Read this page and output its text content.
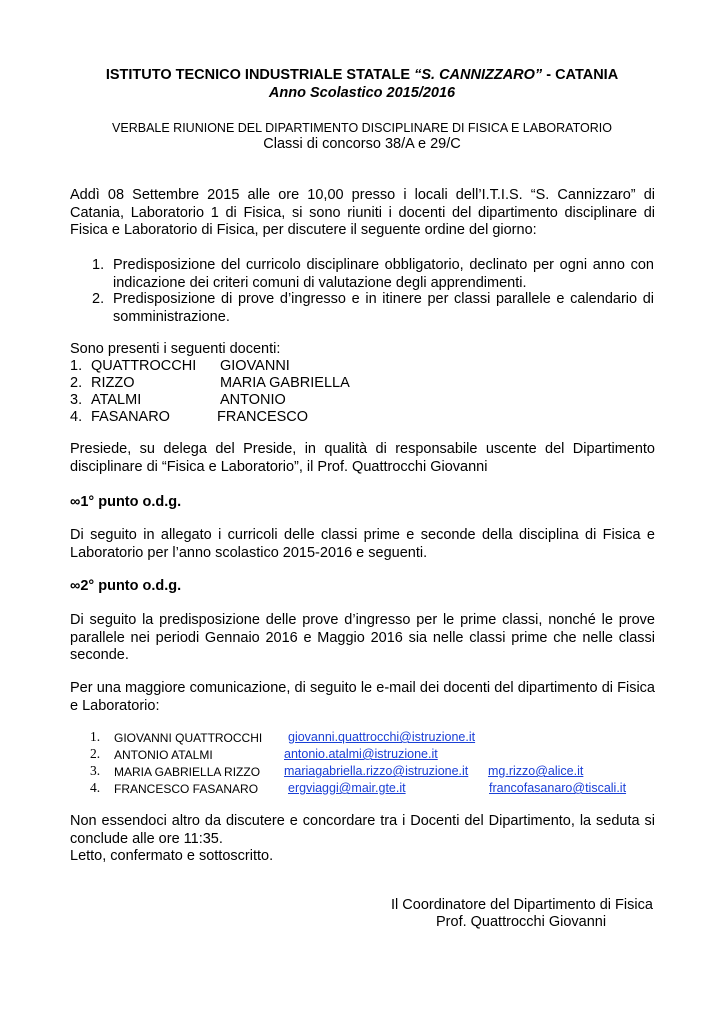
ISTITUTO TECNICO INDUSTRIALE STATALE “S. CANNIZZARO” - CATANIA
Anno Scolastico 2015/2016
VERBALE RIUNIONE DEL DIPARTIMENTO DISCIPLINARE DI FISICA E LABORATORIO
Classi di concorso 38/A e 29/C
Addì 08 Settembre 2015 alle ore 10,00 presso i locali dell’I.T.I.S. “S. Cannizzaro” di Catania, Laboratorio 1 di Fisica, si sono riuniti i docenti del dipartimento disciplinare di Fisica e Laboratorio di Fisica, per discutere il seguente ordine del giorno:
1. Predisposizione del curricolo disciplinare obbligatorio, declinato per ogni anno con indicazione dei criteri comuni di valutazione degli apprendimenti.
2. Predisposizione di prove d’ingresso e in itinere per classi parallele e calendario di somministrazione.
Sono presenti i seguenti docenti:
1. QUATTROCCHI GIOVANNI
2. RIZZO	MARIA GABRIELLA
3. ATALMI	ANTONIO
4. FASANARO	FRANCESCO
Presiede, su delega del Preside, in qualità di responsabile uscente del Dipartimento disciplinare di “Fisica e Laboratorio”, il Prof. Quattrocchi Giovanni
∞1° punto o.d.g.
Di seguito in allegato i curricoli delle classi prime e seconde della disciplina di Fisica e Laboratorio per l’anno scolastico 2015-2016 e seguenti.
∞2° punto o.d.g.
Di seguito la predisposizione delle prove d’ingresso per le prime classi, nonché le prove parallele nei periodi Gennaio 2016 e Maggio 2016 sia nelle classi prime che nelle classi seconde.
Per una maggiore comunicazione, di seguito le e-mail dei docenti del dipartimento di Fisica e Laboratorio:
1. GIOVANNI QUATTROCCHI giovanni.quattrocchi@istruzione.it
2. ANTONIO ATALMI	antonio.atalmi@istruzione.it
3. MARIA GABRIELLA RIZZO mariagabriella.rizzo@istruzione.it mg.rizzo@alice.it
4. FRANCESCO FASANARO ergviaggi@mair.gte.it	francofasanaro@tiscali.it
Non essendoci altro da discutere e concordare tra i Docenti del Dipartimento, la seduta si conclude alle ore 11:35.
Letto, confermato e sottoscritto.
Il Coordinatore del Dipartimento di Fisica
Prof. Quattrocchi Giovanni
